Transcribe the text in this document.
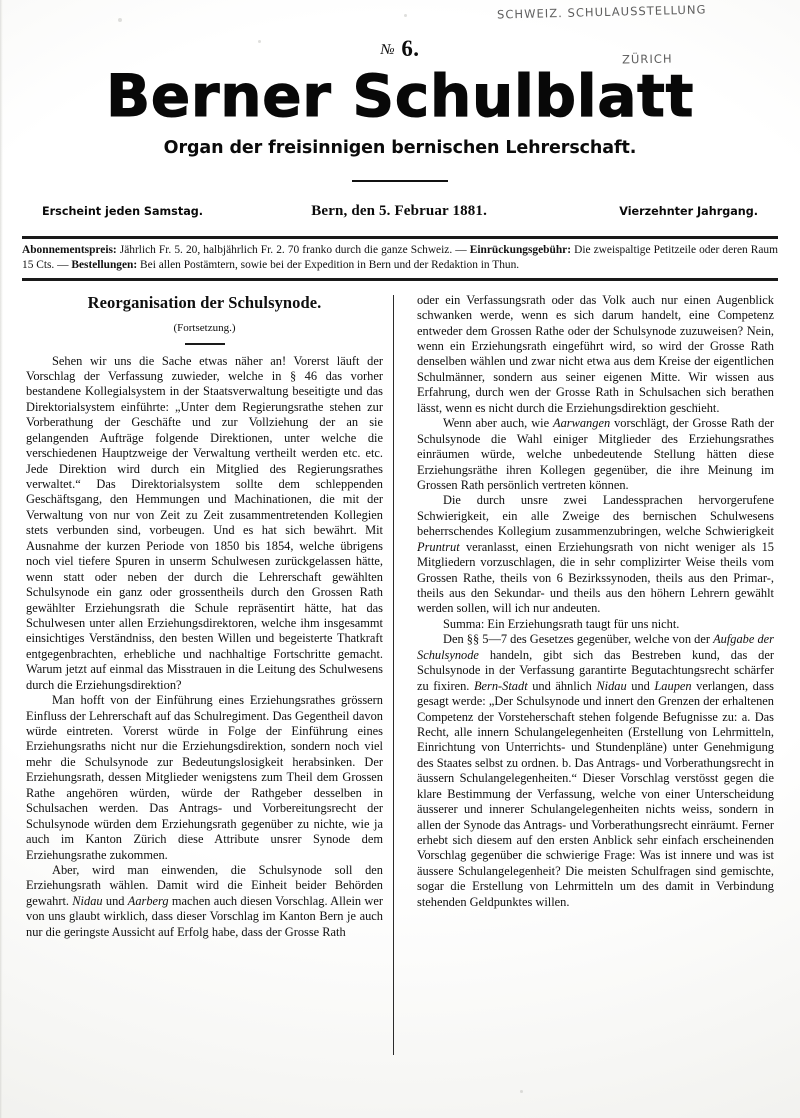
SCHWEIZ. SCHULAUSSTELLUNG
ZÜRICH
№ 6.
Berner Schulblatt
Organ der freisinnigen bernischen Lehrerschaft.
Erscheint jeden Samstag.	Bern, den 5. Februar 1881.	Vierzehnter Jahrgang.
Abonnementspreis: Jährlich Fr. 5. 20, halbjährlich Fr. 2. 70 franko durch die ganze Schweiz. — Einrückungsgebühr: Die zweispaltige Petitzeile oder deren Raum 15 Cts. — Bestellungen: Bei allen Postämtern, sowie bei der Expedition in Bern und der Redaktion in Thun.
Reorganisation der Schulsynode.
(Fortsetzung.)

Sehen wir uns die Sache etwas näher an! Vorerst läuft der Vorschlag der Verfassung zuwieder, welche in § 46 das vorher bestandene Kollegialsystem in der Staatsverwaltung beseitigte und das Direktorialsystem einführte: „Unter dem Regierungsrathe stehen zur Vorberathung der Geschäfte und zur Vollziehung der an sie gelangenden Aufträge folgende Direktionen, unter welche die verschiedenen Hauptzweige der Verwaltung vertheilt werden etc. etc. Jede Direktion wird durch ein Mitglied des Regierungsrathes verwaltet.“ Das Direktorialsystem sollte dem schleppenden Geschäftsgang, den Hemmungen und Machinationen, die mit der Verwaltung von nur von Zeit zu Zeit zusammentretenden Kollegien stets verbunden sind, vorbeugen. Und es hat sich bewährt. Mit Ausnahme der kurzen Periode von 1850 bis 1854, welche übrigens noch viel tiefere Spuren in unserm Schulwesen zurückgelassen hätte, wenn statt oder neben der durch die Lehrerschaft gewählten Schulsynode ein ganz oder grossentheils durch den Grossen Rath gewählter Erziehungsrath die Schule repräsentirt hätte, hat das Schulwesen unter allen Erziehungsdirektoren, welche ihm insgesammt einsichtiges Verständniss, den besten Willen und begeisterte Thatkraft entgegenbrachten, erhebliche und nachhaltige Fortschritte gemacht. Warum jetzt auf einmal das Misstrauen in die Leitung des Schulwesens durch die Erziehungsdirektion?

Man hofft von der Einführung eines Erziehungsrathes grössern Einfluss der Lehrerschaft auf das Schulregiment. Das Gegentheil davon würde eintreten. Vorerst würde in Folge der Einführung eines Erziehungsraths nicht nur die Erziehungsdirektion, sondern noch viel mehr die Schulsynode zur Bedeutungslosigkeit herabsinken. Der Erziehungsrath, dessen Mitglieder wenigstens zum Theil dem Grossen Rathe angehören würden, würde der Rathgeber desselben in Schulsachen werden. Das Antrags- und Vorbereitungsrecht der Schulsynode würden dem Erziehungsrath gegenüber zu nichte, wie ja auch im Kanton Zürich diese Attribute unsrer Synode dem Erziehungsrathe zukommen.

Aber, wird man einwenden, die Schulsynode soll den Erziehungsrath wählen. Damit wird die Einheit beider Behörden gewahrt. Nidau und Aarberg machen auch diesen Vorschlag. Allein wer von uns glaubt wirklich, dass dieser Vorschlag im Kanton Bern je auch nur die geringste Aussicht auf Erfolg habe, dass der Grosse Rath

oder ein Verfassungsrath oder das Volk auch nur einen Augenblick schwanken werde, wenn es sich darum handelt, eine Competenz entweder dem Grossen Rathe oder der Schulsynode zuzuweisen? Nein, wenn ein Erziehungsrath eingeführt wird, so wird der Grosse Rath denselben wählen und zwar nicht etwa aus dem Kreise der eigentlichen Schulmänner, sondern aus seiner eigenen Mitte. Wir wissen aus Erfahrung, durch wen der Grosse Rath in Schulsachen sich berathen lässt, wenn es nicht durch die Erziehungsdirektion geschieht.

Wenn aber auch, wie Aarwangen vorschlägt, der Grosse Rath der Schulsynode die Wahl einiger Mitglieder des Erziehungsrathes einräumen würde, welche unbedeutende Stellung hätten diese Erziehungsräthe ihren Kollegen gegenüber, die ihre Meinung im Grossen Rath persönlich vertreten können.

Die durch unsre zwei Landessprachen hervorgerufene Schwierigkeit, ein alle Zweige des bernischen Schulwesens beherrschendes Kollegium zusammenzubringen, welche Schwierigkeit Pruntrut veranlasst, einen Erziehungsrath von nicht weniger als 15 Mitgliedern vorzuschlagen, die in sehr complizirter Weise theils vom Grossen Rathe, theils von 6 Bezirkssynoden, theils aus den Primar-, theils aus den Sekundar- und theils aus den höhern Lehrern gewählt werden sollen, will ich nur andeuten.

Summa: Ein Erziehungsrath taugt für uns nicht.

Den §§ 5—7 des Gesetzes gegenüber, welche von der Aufgabe der Schulsynode handeln, gibt sich das Bestreben kund, das der Schulsynode in der Verfassung garantirte Begutachtungsrecht schärfer zu fixiren. Bern-Stadt und ähnlich Nidau und Laupen verlangen, dass gesagt werde: „Der Schulsynode und innert den Grenzen der erhaltenen Competenz der Vorsteherschaft stehen folgende Befugnisse zu: a. Das Recht, alle innern Schulangelegenheiten (Erstellung von Lehrmitteln, Einrichtung von Unterrichts- und Stundenpläne) unter Genehmigung des Staates selbst zu ordnen. b. Das Antrags- und Vorberathungsrecht in äussern Schulangelegenheiten.“ Dieser Vorschlag verstösst gegen die klare Bestimmung der Verfassung, welche von einer Unterscheidung äusserer und innerer Schulangelegenheiten nichts weiss, sondern in allen der Synode das Antrags- und Vorberathungsrecht einräumt. Ferner erhebt sich diesem auf den ersten Anblick sehr einfach erscheinenden Vorschlag gegenüber die schwierige Frage: Was ist innere und was ist äussere Schulangelegenheit? Die meisten Schulfragen sind gemischte, sogar die Erstellung von Lehrmitteln um des damit in Verbindung stehenden Geldpunktes willen.
